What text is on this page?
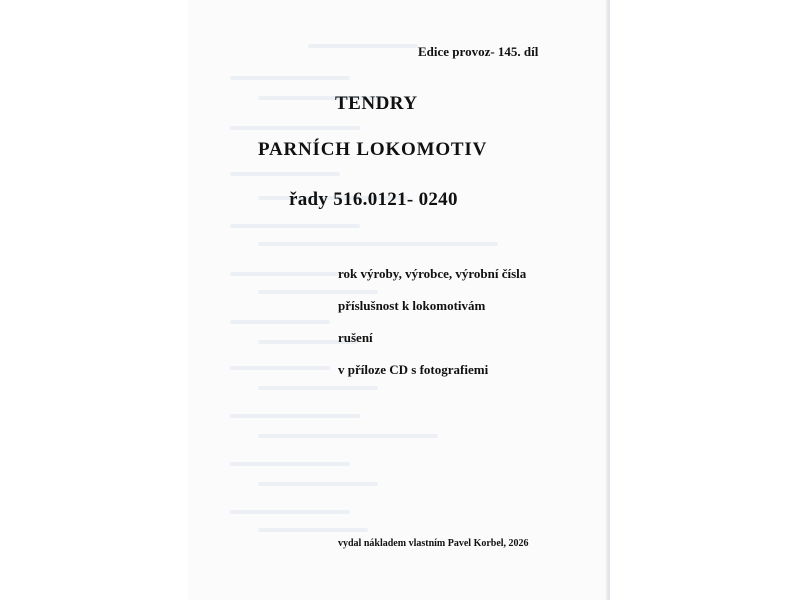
Edice provoz- 145. díl
TENDRY
PARNÍCH LOKOMOTIV
řady 516.0121- 0240
rok výroby, výrobce, výrobní čísla
příslušnost k lokomotivám
rušení
v příloze CD s fotografiemi
vydal nákladem vlastním Pavel Korbel, 2026
